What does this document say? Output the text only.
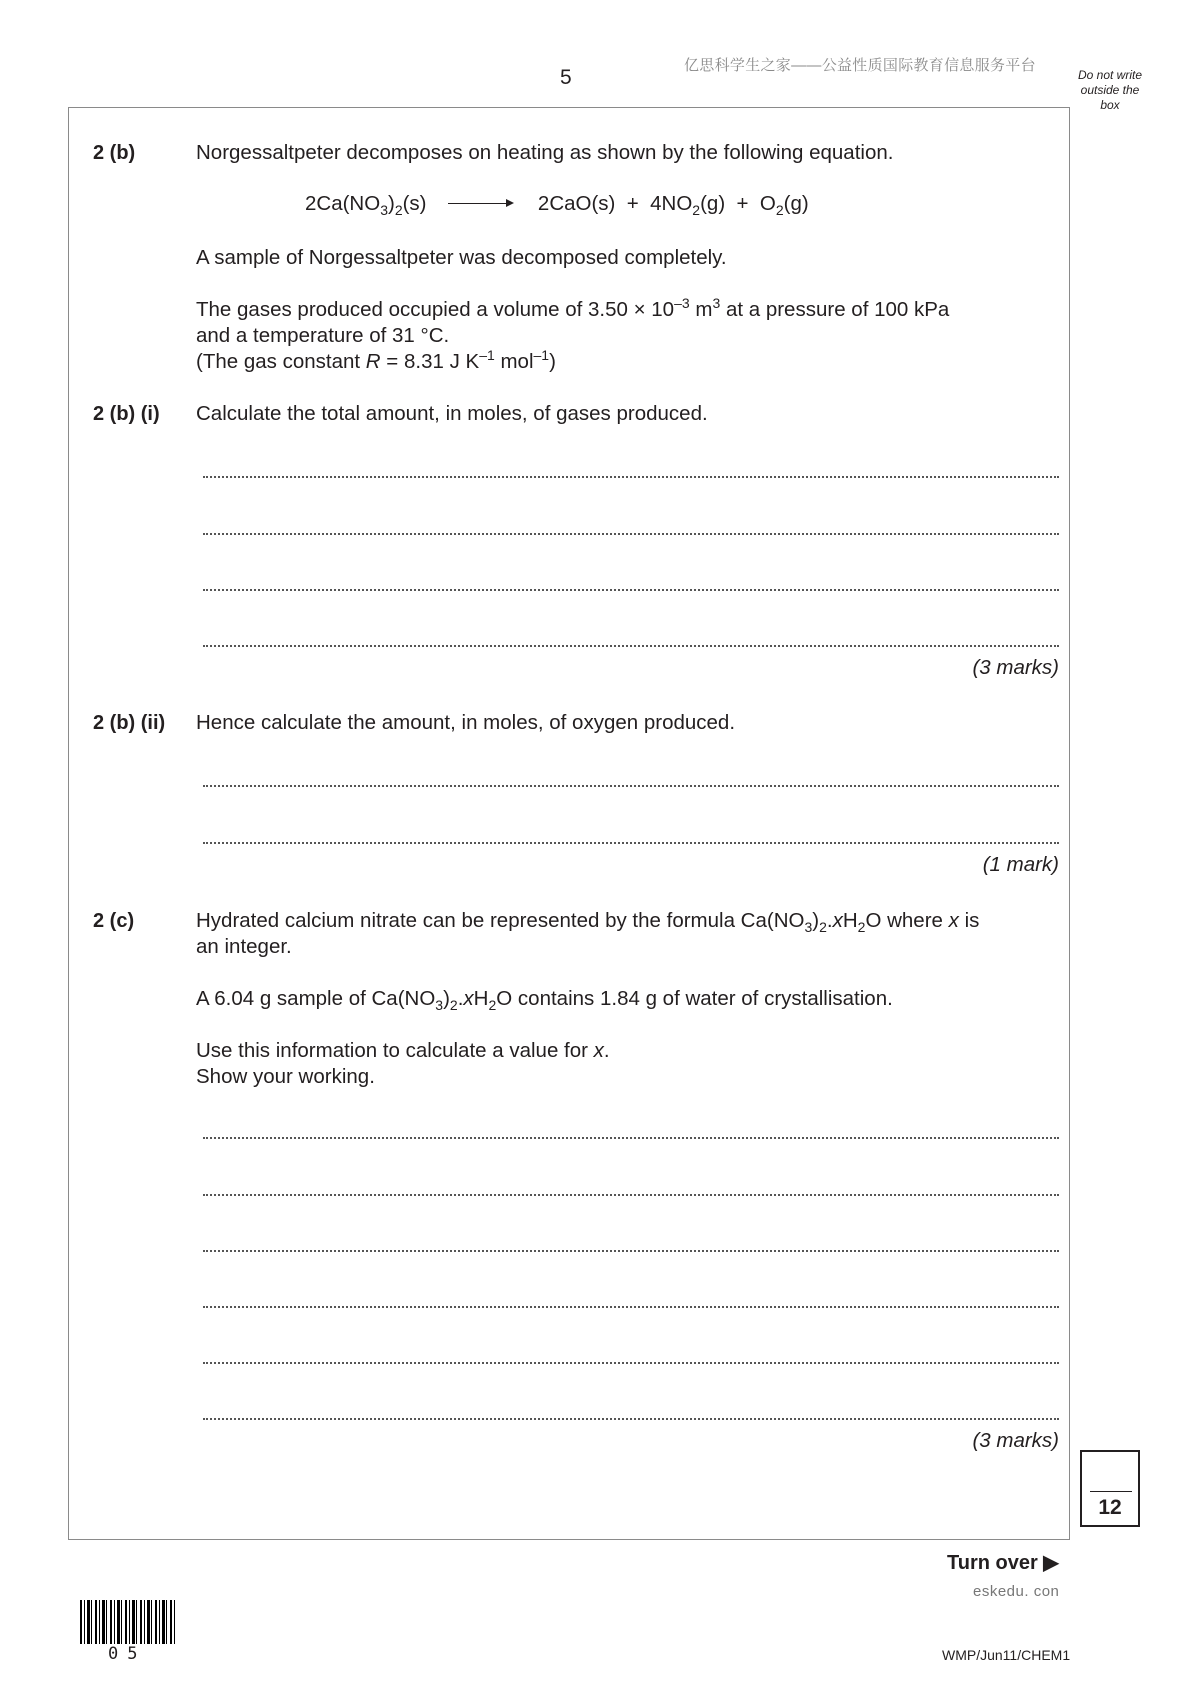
5
亿思科学生之家——公益性质国际教育信息服务平台
Do not write
outside the
box
2 (b)	Norgessaltpeter decomposes on heating as shown by the following equation.
$2Ca(NO_3)_2(s)$	$2CaO(s) + 4NO_2(g) + O_2(g)$
A sample of Norgessaltpeter was decomposed completely.
The gases produced occupied a volume of $3.50 \times 10^{-3}$ $m^3$ at a pressure of 100 kPa
and a temperature of 31 °C.
(The gas constant R = 8.31 J $K^{-1}$ mol$^{-1}$)
2 (b) (i) Calculate the total amount, in moles, of gases produced.
(3 marks)
2 (b) (ii) Hence calculate the amount, in moles, of oxygen produced.
(1 mark)
2 (c)	Hydrated calcium nitrate can be represented by the formula $Ca(NO_3)_2.xH_2O$ where x is
an integer.
A 6.04 g sample of $Ca(NO_3)_2.xH_2O$ contains 1.84 g of water of crystallisation.
Use this information to calculate a value for x.
Show your working.
(3 marks)
12
Turn over ▶
eskedu. con
05	WMP/Jun11/CHEM1
